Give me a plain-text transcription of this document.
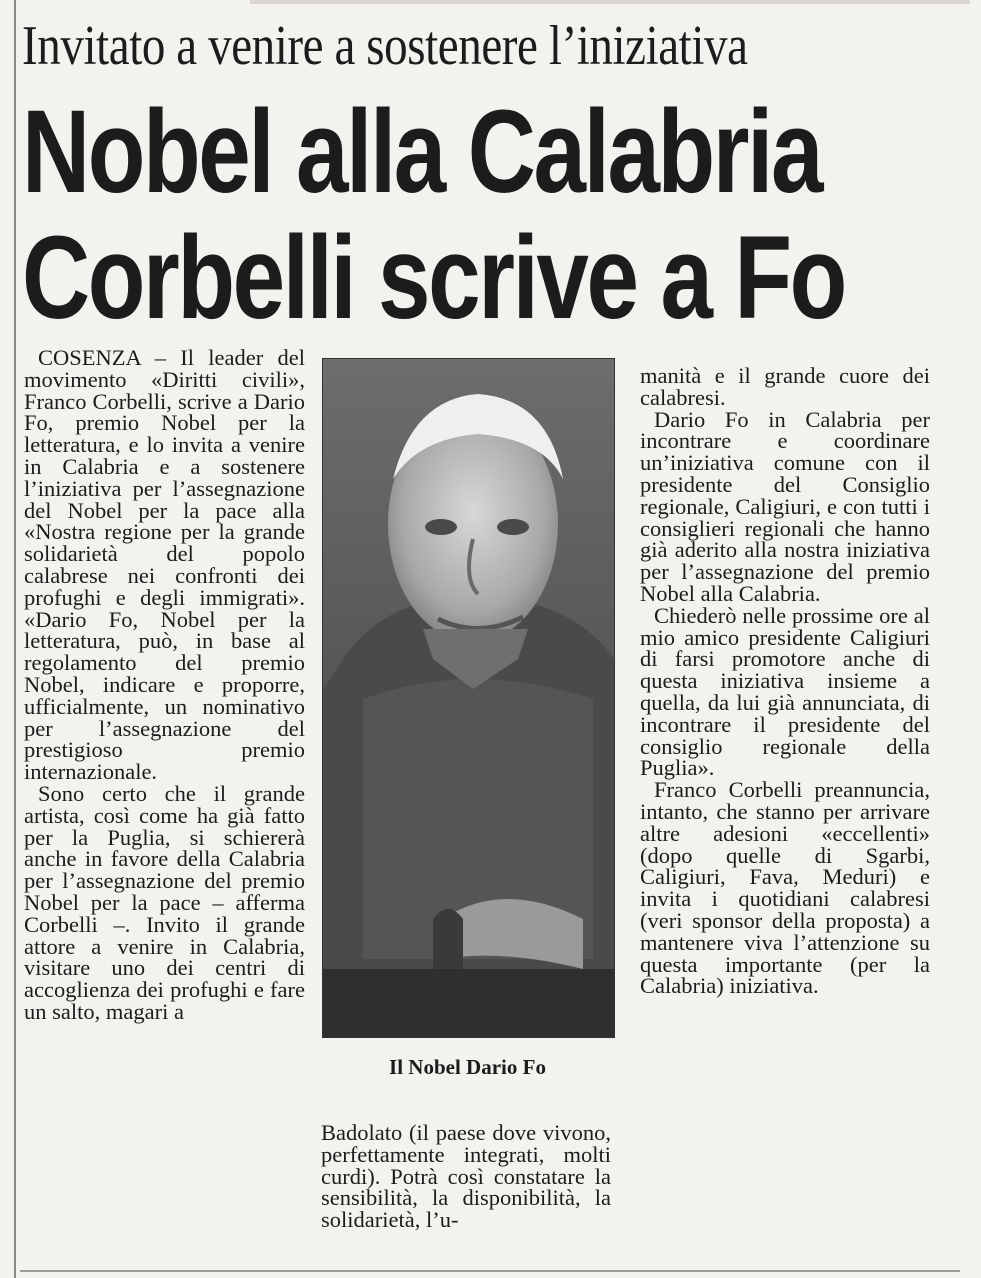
Invitato a venire a sostenere l’iniziativa
Nobel alla Calabria
Corbelli scrive a Fo

COSENZA – Il leader del movimento «Diritti civili», Franco Corbelli, scrive a Dario Fo, premio Nobel per la letteratura, e lo invita a venire in Calabria e a sostenere l’iniziativa per l’assegnazione del Nobel per la pace alla «Nostra regione per la grande solidarietà del popolo calabrese nei confronti dei profughi e degli immigrati». «Dario Fo, Nobel per la letteratura, può, in base al regolamento del premio Nobel, indicare e proporre, ufficialmente, un nominativo per l’assegnazione del prestigioso premio internazionale.

Sono certo che il grande artista, così come ha già fatto per la Puglia, si schiererà anche in favore della Calabria per l’assegnazione del premio Nobel per la pace – afferma Corbelli –. Invito il grande attore a venire in Calabria, visitare uno dei centri di accoglienza dei profughi e fare un salto, magari a

Il Nobel Dario Fo

Badolato (il paese dove vivono, perfettamente integrati, molti curdi). Potrà così constatare la sensibilità, la disponibilità, la solidarietà, l’u-

manità e il grande cuore dei calabresi.

Dario Fo in Calabria per incontrare e coordinare un’iniziativa comune con il presidente del Consiglio regionale, Caligiuri, e con tutti i consiglieri regionali che hanno già aderito alla nostra iniziativa per l’assegnazione del premio Nobel alla Calabria.

Chiederò nelle prossime ore al mio amico presidente Caligiuri di farsi promotore anche di questa iniziativa insieme a quella, da lui già annunciata, di incontrare il presidente del consiglio regionale della Puglia».

Franco Corbelli preannuncia, intanto, che stanno per arrivare altre adesioni «eccellenti» (dopo quelle di Sgarbi, Caligiuri, Fava, Meduri) e invita i quotidiani calabresi (veri sponsor della proposta) a mantenere viva l’attenzione su questa importante (per la Calabria) iniziativa.
